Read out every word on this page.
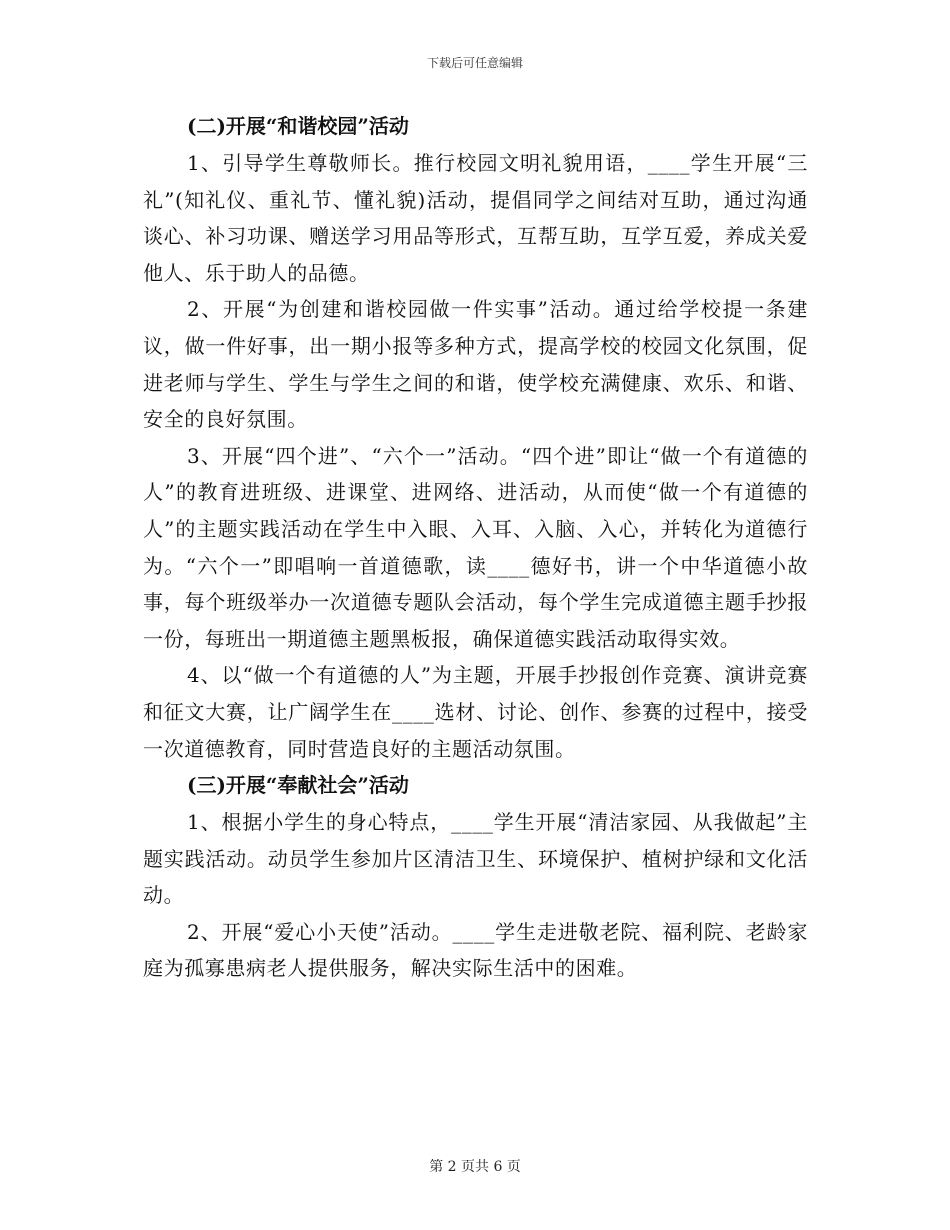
下载后可任意编辑

(二)开展“和谐校园”活动

1、引导学生尊敬师长。推行校园文明礼貌用语，____学生开展“三礼”(知礼仪、重礼节、懂礼貌)活动，提倡同学之间结对互助，通过沟通谈心、补习功课、赠送学习用品等形式，互帮互助，互学互爱，养成关爱他人、乐于助人的品德。

2、开展“为创建和谐校园做一件实事”活动。通过给学校提一条建议，做一件好事，出一期小报等多种方式，提高学校的校园文化氛围，促进老师与学生、学生与学生之间的和谐，使学校充满健康、欢乐、和谐、安全的良好氛围。

3、开展“四个进”、“六个一”活动。“四个进”即让“做一个有道德的人”的教育进班级、进课堂、进网络、进活动，从而使“做一个有道德的人”的主题实践活动在学生中入眼、入耳、入脑、入心，并转化为道德行为。“六个一”即唱响一首道德歌，读____德好书，讲一个中华道德小故事，每个班级举办一次道德专题队会活动，每个学生完成道德主题手抄报一份，每班出一期道德主题黑板报，确保道德实践活动取得实效。

4、以“做一个有道德的人”为主题，开展手抄报创作竞赛、演讲竞赛和征文大赛，让广阔学生在____选材、讨论、创作、参赛的过程中，接受一次道德教育，同时营造良好的主题活动氛围。

(三)开展“奉献社会”活动

1、根据小学生的身心特点，____学生开展“清洁家园、从我做起”主题实践活动。动员学生参加片区清洁卫生、环境保护、植树护绿和文化活动。

2、开展“爱心小天使”活动。____学生走进敬老院、福利院、老龄家庭为孤寡患病老人提供服务，解决实际生活中的困难。

第 2 页共 6 页
